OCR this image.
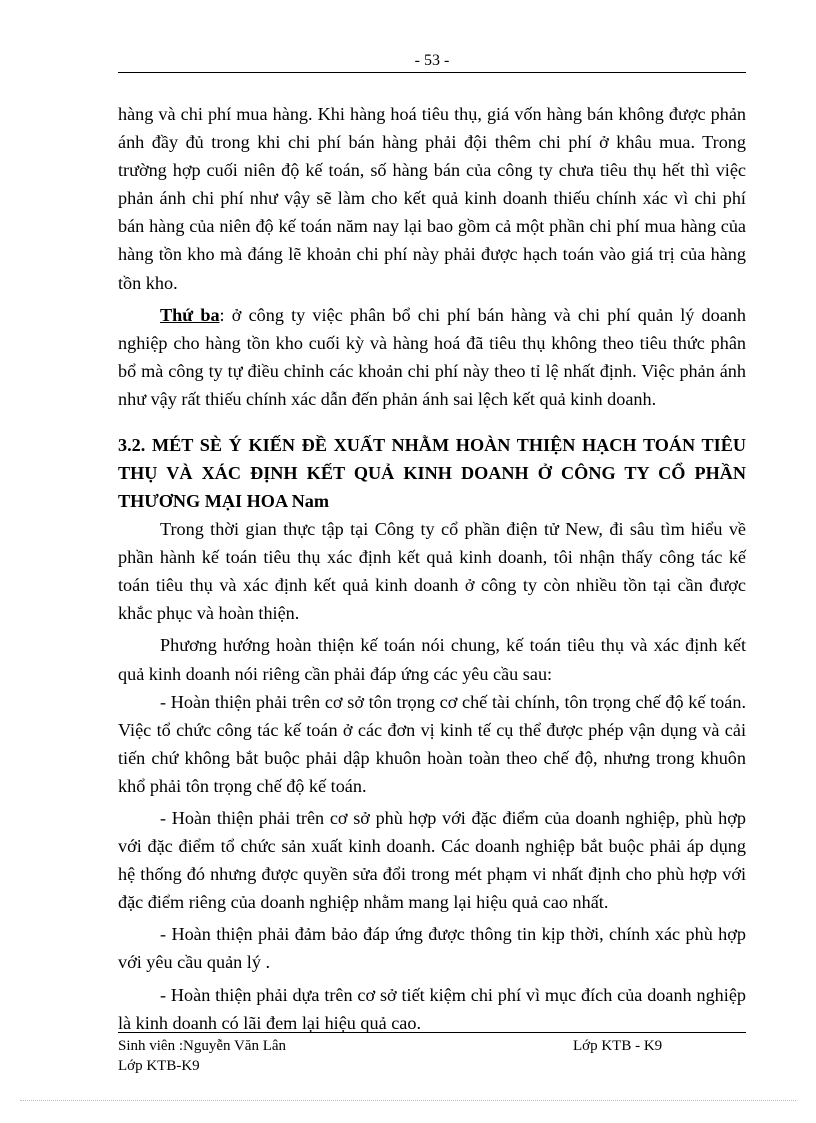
- 53 -

hàng và chi phí mua hàng. Khi hàng hoá tiêu thụ, giá vốn hàng bán không được phản ánh đầy đủ trong khi chi phí bán hàng phải đội thêm chi phí ở khâu mua. Trong trường hợp cuối niên độ kế toán, số hàng bán của công ty chưa tiêu thụ hết thì việc phản ánh chi phí như vậy sẽ làm cho kết quả kinh doanh thiếu chính xác vì chi phí bán hàng của niên độ kế toán năm nay lại bao gồm cả một phần chi phí mua hàng của hàng tồn kho mà đáng lẽ khoản chi phí này phải được hạch toán vào giá trị của hàng tồn kho.

Thứ ba: ở công ty việc phân bổ chi phí bán hàng và chi phí quản lý doanh nghiệp cho hàng tồn kho cuối kỳ và hàng hoá đã tiêu thụ không theo tiêu thức phân bổ mà công ty tự điều chỉnh các khoản chi phí này theo tỉ lệ nhất định. Việc phản ánh như vậy rất thiếu chính xác dẫn đến phản ánh sai lệch kết quả kinh doanh.

3.2. MÉT SÈ Ý KIẾN ĐỀ XUẤT NHẰM HOÀN THIỆN HẠCH TOÁN TIÊU THỤ VÀ XÁC ĐỊNH KẾT QUẢ KINH DOANH Ở CÔNG TY CỔ PHẦN THƯƠNG MẠI HOA Nam

Trong thời gian thực tập tại Công ty cổ phần điện tử New, đi sâu tìm hiểu về phần hành kế toán tiêu thụ xác định kết quả kinh doanh, tôi nhận thấy công tác kế toán tiêu thụ và xác định kết quả kinh doanh ở công ty còn nhiều tồn tại cần được khắc phục và hoàn thiện.

Phương hướng hoàn thiện kế toán nói chung, kế toán tiêu thụ và xác định kết quả kinh doanh nói riêng cần phải đáp ứng các yêu cầu sau:

- Hoàn thiện phải trên cơ sở tôn trọng cơ chế tài chính, tôn trọng chế độ kế toán. Việc tổ chức công tác kế toán ở các đơn vị kinh tế cụ thể được phép vận dụng và cải tiến chứ không bắt buộc phải dập khuôn hoàn toàn theo chế độ, nhưng trong khuôn khổ phải tôn trọng chế độ kế toán.

- Hoàn thiện phải trên cơ sở phù hợp với đặc điểm của doanh nghiệp, phù hợp với đặc điểm tổ chức sản xuất kinh doanh. Các doanh nghiệp bắt buộc phải áp dụng hệ thống đó nhưng được quyền sửa đổi trong mét phạm vi nhất định cho phù hợp với đặc điểm riêng của doanh nghiệp nhằm mang lại hiệu quả cao nhất.

- Hoàn thiện phải đảm bảo đáp ứng được thông tin kịp thời, chính xác phù hợp với yêu cầu quản lý .

- Hoàn thiện phải dựa trên cơ sở tiết kiệm chi phí vì mục đích của doanh nghiệp là kinh doanh có lãi đem lại hiệu quả cao.

Sinh viên :Nguyễn Văn Lân	Lớp KTB - K9
Lớp KTB-K9
